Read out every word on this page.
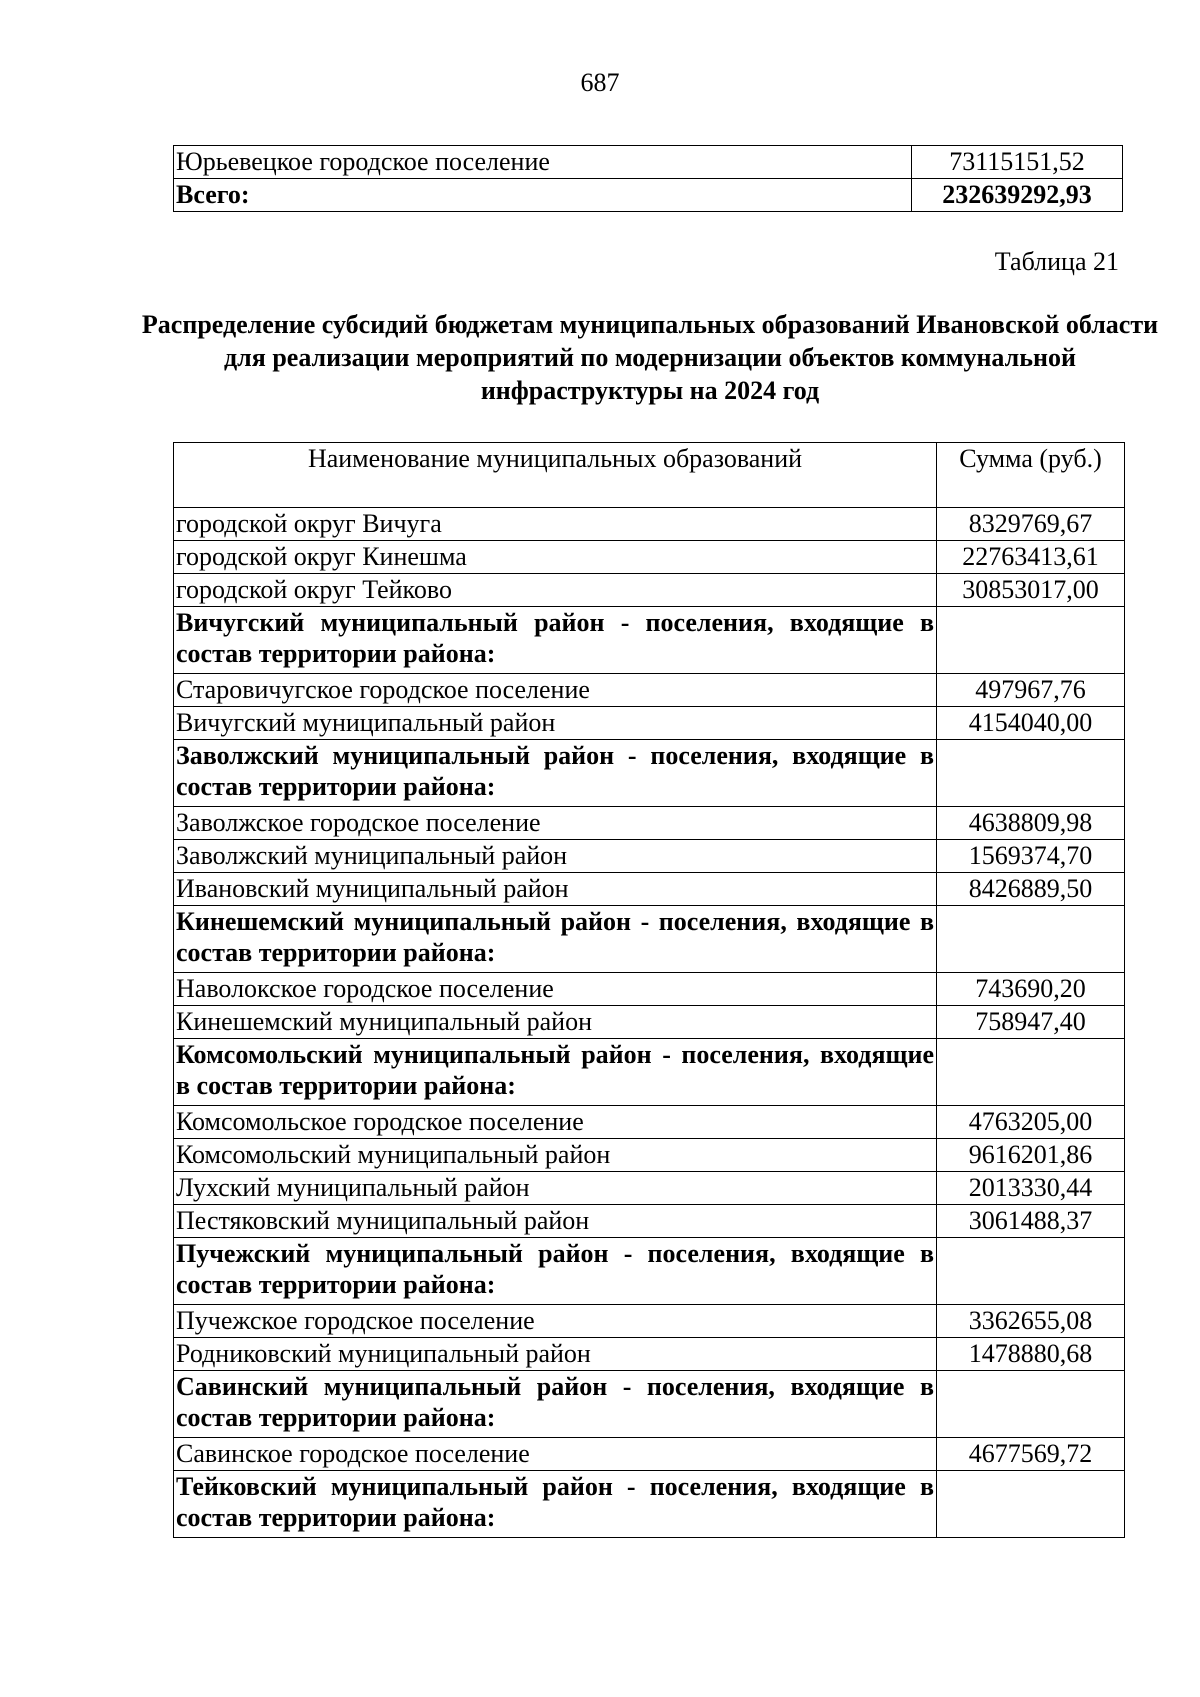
687
Юрьевецкое городское поселение	73115151,52
Всего:	232639292,93
Таблица 21
Распределение субсидий бюджетам муниципальных образований Ивановской области для реализации мероприятий по модернизации объектов коммунальной инфраструктуры на 2024 год
Наименование муниципальных образований	Сумма (руб.)
городской округ Вичуга	8329769,67
городской округ Кинешма	22763413,61
городской округ Тейково	30853017,00
Вичугский муниципальный район - поселения, входящие в состав территории района:	
Старовичугское городское поселение	497967,76
Вичугский муниципальный район	4154040,00
Заволжский муниципальный район - поселения, входящие в состав территории района:	
Заволжское городское поселение	4638809,98
Заволжский муниципальный район	1569374,70
Ивановский муниципальный район	8426889,50
Кинешемский муниципальный район - поселения, входящие в состав территории района:	
Наволокское городское поселение	743690,20
Кинешемский муниципальный район	758947,40
Комсомольский муниципальный район - поселения, входящие в состав территории района:	
Комсомольское городское поселение	4763205,00
Комсомольский муниципальный район	9616201,86
Лухский муниципальный район	2013330,44
Пестяковский муниципальный район	3061488,37
Пучежский муниципальный район - поселения, входящие в состав территории района:	
Пучежское городское поселение	3362655,08
Родниковский муниципальный район	1478880,68
Савинский муниципальный район - поселения, входящие в состав территории района:	
Савинское городское поселение	4677569,72
Тейковский муниципальный район - поселения, входящие в состав территории района:	
